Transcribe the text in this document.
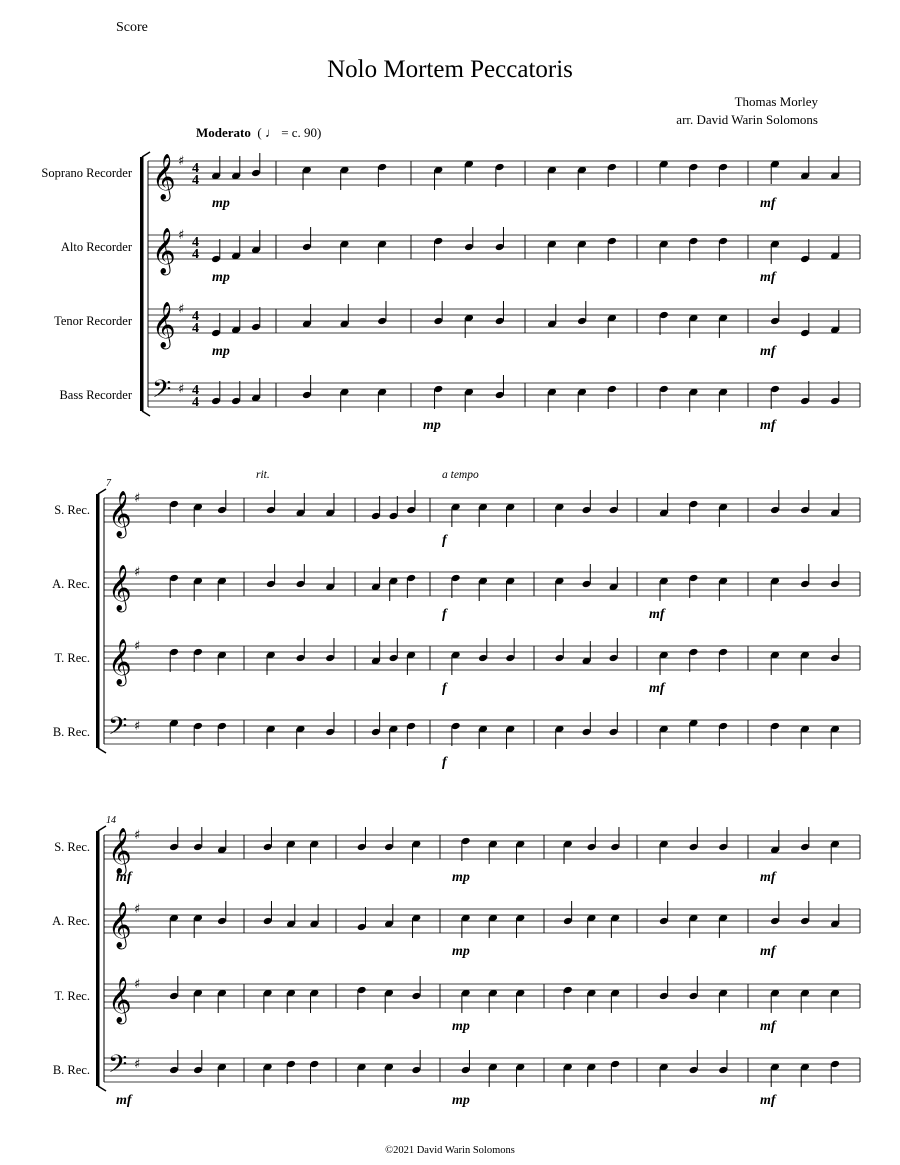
Score
Nolo Mortem Peccatoris
Thomas Morley
arr. David Warin Solomons
Moderato ( ♩ = c. 90)
©2021 David Warin Solomons
Soprano Recorder 𝄞 ♯ 4
4
Alto Recorder 𝄞 ♯ 4
4
Tenor Recorder 𝄞 ♯ 4
4
Bass Recorder 𝄢 ♯ 4
4
mp	mf
mp	mf
mp	mf
mp	mf
7
S. Rec. 𝄞 ♯
A. Rec. 𝄞 ♯
T. Rec. 𝄞 ♯
B. Rec. 𝄢 ♯
f
f	mf
f	mf
f
rit.	a tempo
14
S. Rec. 𝄞 ♯
A. Rec. 𝄞 ♯
T. Rec. 𝄞 ♯
B. Rec. 𝄢 ♯
mf	mp	mf
mp	mf
mp	mf
mf	mp	mf
